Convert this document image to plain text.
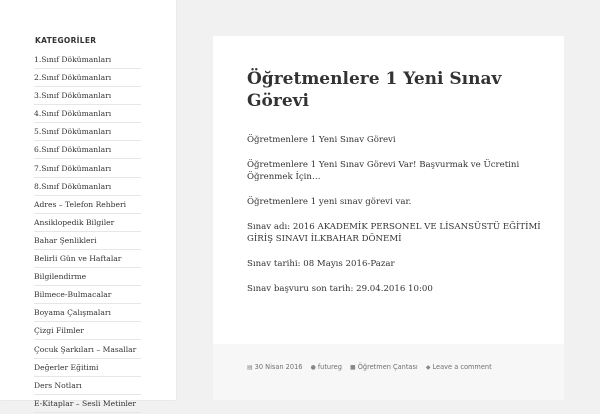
KATEGORİLER
1.Sınıf Dökümanları
2.Sınıf Dökümanları
3.Sınıf Dökümanları
4.Sınıf Dökümanları
5.Sınıf Dökümanları
6.Sınıf Dökümanları
7.Sınıf Dökümanları
8.Sınıf Dökümanları
Adres – Telefon Rehberi
Ansiklopedik Bilgiler
Bahar Şenlikleri
Belirli Gün ve Haftalar
Bilgilendirme
Bilmece-Bulmacalar
Boyama Çalışmaları
Çizgi Filmler
Çocuk Şarkıları – Masallar
Değerler Eğitimi
Ders Notları
E-Kitaplar – Sesli Metinler
Öğretmenlere 1 Yeni Sınav Görevi

Öğretmenlere 1 Yeni Sınav Görevi

Öğretmenlere 1 Yeni Sınav Görevi Var! Başvurmak ve Ücretini Öğrenmek İçin…

Öğretmenlere 1 yeni sınav görevi var.

Sınav adı: 2016 AKADEMİK PERSONEL VE LİSANSÜSTÜ EĞİTİMİ GİRİŞ SINAVI İLKBAHAR DÖNEMİ

Sınav tarihi: 08 Mayıs 2016-Pazar

Sınav başvuru son tarih: 29.04.2016 10:00

▤ 30 Nisan 2016 ● futureg ■ Öğretmen Çantası ◆ Leave a comment
